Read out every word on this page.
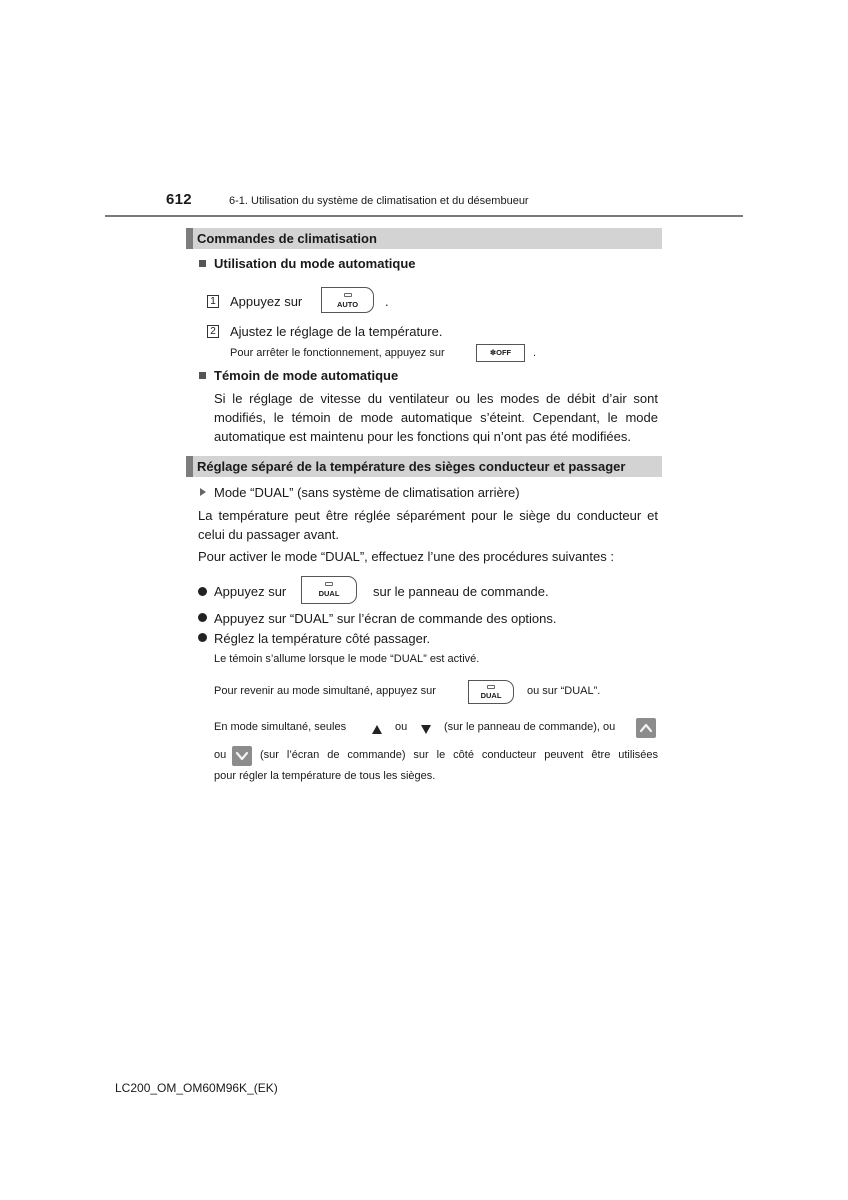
612	6-1. Utilisation du système de climatisation et du désembueur
Commandes de climatisation
Utilisation du mode automatique
1 Appuyez sur	AUTO	.
2 Ajustez le réglage de la température.
Pour arrêter le fonctionnement, appuyez sur	✽OFF	.
Témoin de mode automatique
Si le réglage de vitesse du ventilateur ou les modes de débit d’air sont
modifiés, le témoin de mode automatique s’éteint. Cependant, le mode
automatique est maintenu pour les fonctions qui n’ont pas été modifiées.
Réglage séparé de la température des sièges conducteur et passager
Mode “DUAL” (sans système de climatisation arrière)
La température peut être réglée séparément pour le siège du conducteur et
celui du passager avant.
Pour activer le mode “DUAL”, effectuez l’une des procédures suivantes :
Appuyez sur	DUAL	sur le panneau de commande.
Appuyez sur “DUAL” sur l’écran de commande des options.
Réglez la température côté passager.
Le témoin s’allume lorsque le mode “DUAL” est activé.
Pour revenir au mode simultané, appuyez sur	DUAL	ou sur “DUAL”.
En mode simultané, seules	ou	(sur le panneau de commande), ou
ou	(sur l’écran de commande) sur le côté conducteur peuvent être utilisées
pour régler la température de tous les sièges.
LC200_OM_OM60M96K_(EK)
